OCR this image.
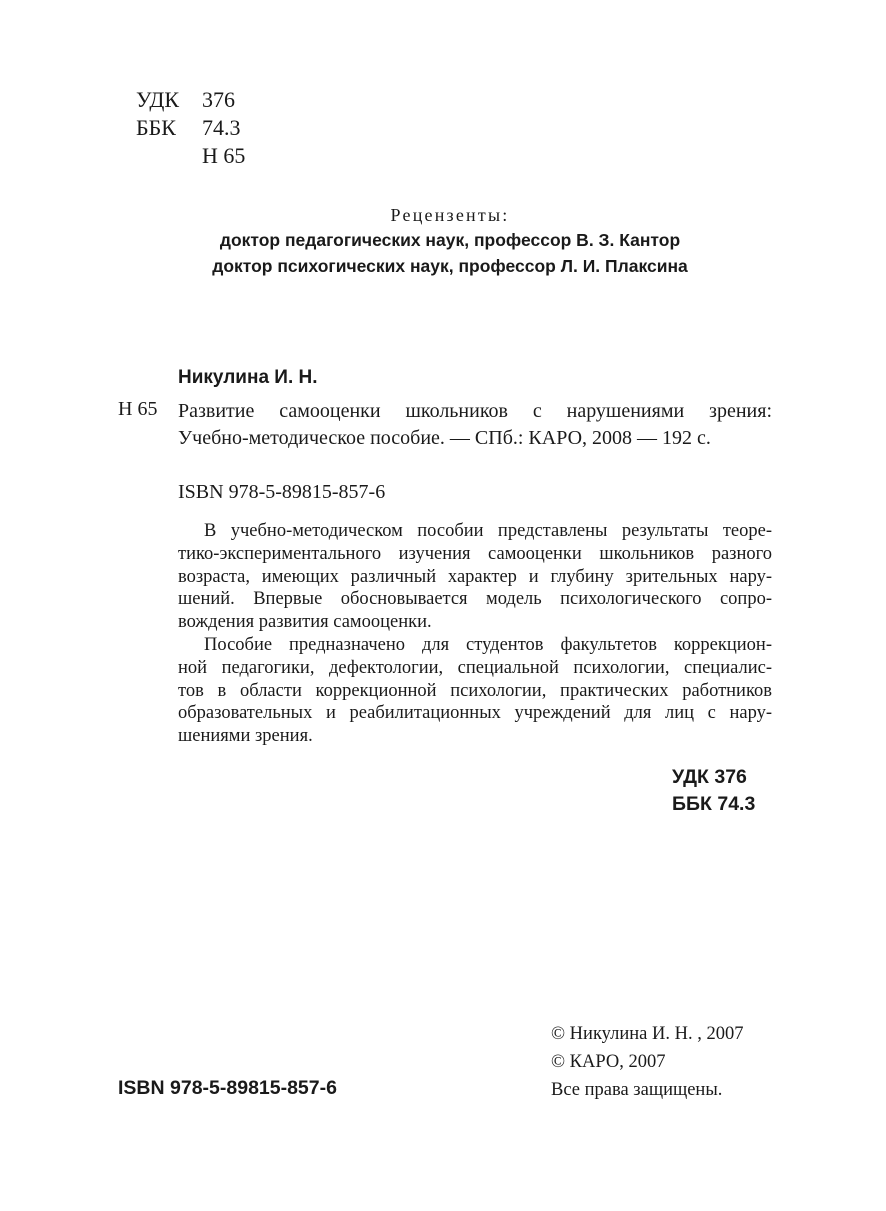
УДК	376
ББК	74.3
Н 65
Рецензенты:
доктор педагогических наук, профессор В. З. Кантор
доктор психогических наук, профессор Л. И. Плаксина
Никулина И. Н.
Н 65 Развитие самооценки школьников с нарушениями зрения:
Учебно-методическое пособие. — СПб.: КАРО, 2008 — 192 с.
ISBN 978-5-89815-857-6

В учебно-методическом пособии представлены результаты теоре-
тико-экспериментального изучения самооценки школьников разного
возраста, имеющих различный характер и глубину зрительных нару-
шений. Впервые обосновывается модель психологического сопро-
вождения развития самооценки.

Пособие предназначено для студентов факультетов коррекцион-
ной педагогики, дефектологии, специальной психологии, специалис-
тов в области коррекционной психологии, практических работников
образовательных и реабилитационных учреждений для лиц с нару-
шениями зрения.

УДК 376
ББК 74.3
© Никулина И. Н. , 2007
© КАРО, 2007
Все права защищены.
ISBN 978-5-89815-857-6
